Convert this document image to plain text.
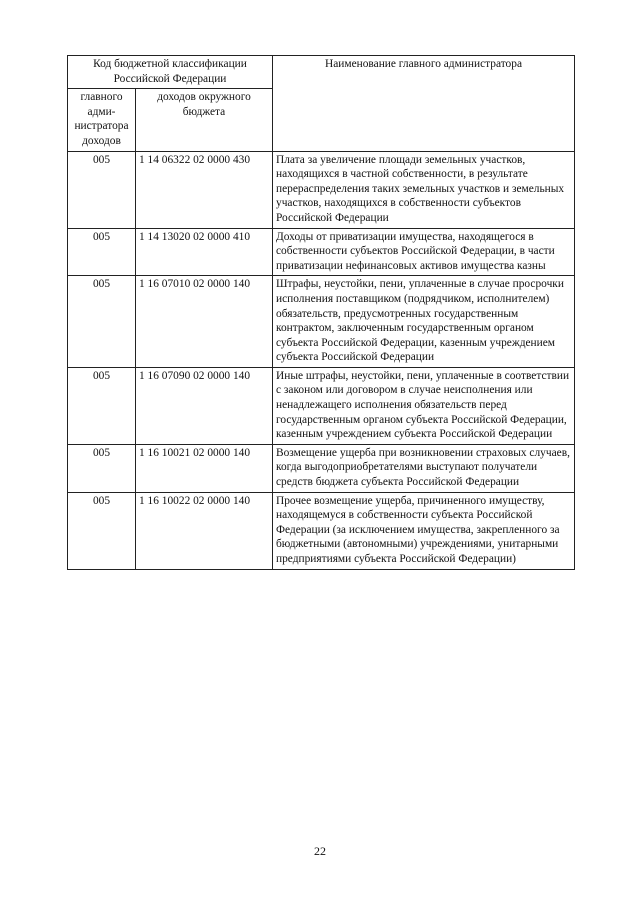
Код бюджетной классификации Российской Федерации		Наименование главного администратора
главного адми-нистратора доходов	доходов окружного бюджета	
005	1 14 06322 02 0000 430	Плата за увеличение площади земельных участков, находящихся в частной собственности, в результате перераспределения таких земельных участков и земельных участков, находящихся в собственности субъектов Российской Федерации
005	1 14 13020 02 0000 410	Доходы от приватизации имущества, находящегося в собственности субъектов Российской Федерации, в части приватизации нефинансовых активов имущества казны
005	1 16 07010 02 0000 140	Штрафы, неустойки, пени, уплаченные в случае просрочки исполнения поставщиком (подрядчиком, исполнителем) обязательств, предусмотренных государственным контрактом, заключенным государственным органом субъекта Российской Федерации, казенным учреждением субъекта Российской Федерации
005	1 16 07090 02 0000 140	Иные штрафы, неустойки, пени, уплаченные в соответствии с законом или договором в случае неисполнения или ненадлежащего исполнения обязательств перед государственным органом субъекта Российской Федерации, казенным учреждением субъекта Российской Федерации
005	1 16 10021 02 0000 140	Возмещение ущерба при возникновении страховых случаев, когда выгодоприобретателями выступают получатели средств бюджета субъекта Российской Федерации
005	1 16 10022 02 0000 140	Прочее возмещение ущерба, причиненного имуществу, находящемуся в собственности субъекта Российской Федерации (за исключением имущества, закрепленного за бюджетными (автономными) учреждениями, унитарными предприятиями субъекта Российской Федерации)
22
